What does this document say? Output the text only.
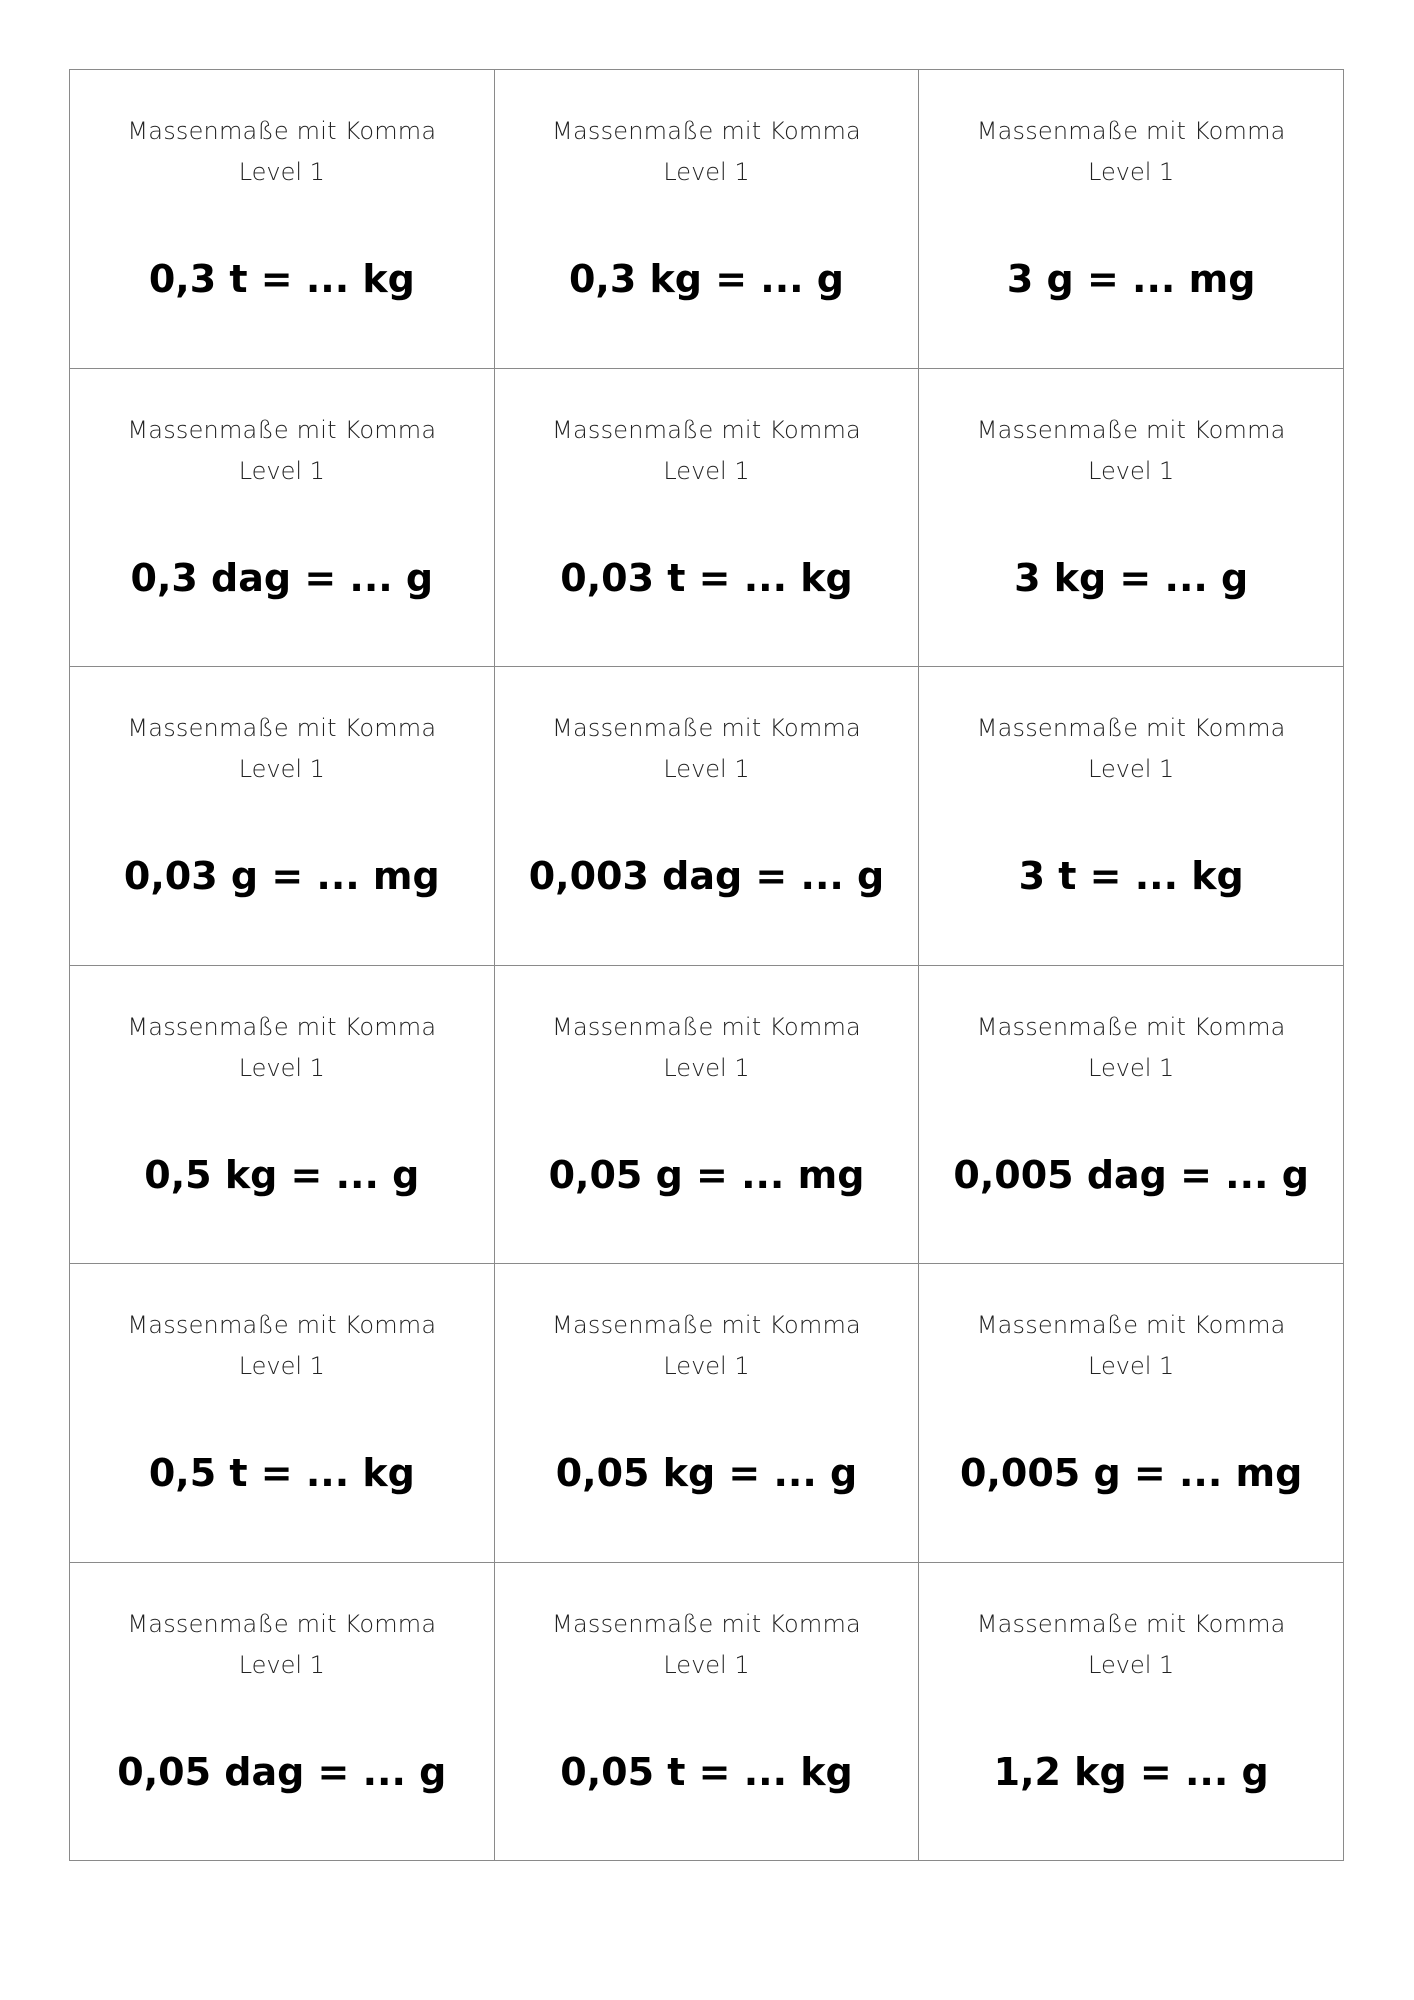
Massenmaße mit Komma
Level 1
0,3 t = ... kg
Massenmaße mit Komma
Level 1
0,3 kg = ... g
Massenmaße mit Komma
Level 1
3 g = ... mg
Massenmaße mit Komma
Level 1
0,3 dag = ... g
Massenmaße mit Komma
Level 1
0,03 t = ... kg
Massenmaße mit Komma
Level 1
3 kg = ... g
Massenmaße mit Komma
Level 1
0,03 g = ... mg
Massenmaße mit Komma
Level 1
0,003 dag = ... g
Massenmaße mit Komma
Level 1
3 t = ... kg
Massenmaße mit Komma
Level 1
0,5 kg = ... g
Massenmaße mit Komma
Level 1
0,05 g = ... mg
Massenmaße mit Komma
Level 1
0,005 dag = ... g
Massenmaße mit Komma
Level 1
0,5 t = ... kg
Massenmaße mit Komma
Level 1
0,05 kg = ... g
Massenmaße mit Komma
Level 1
0,005 g = ... mg
Massenmaße mit Komma
Level 1
0,05 dag = ... g
Massenmaße mit Komma
Level 1
0,05 t = ... kg
Massenmaße mit Komma
Level 1
1,2 kg = ... g
